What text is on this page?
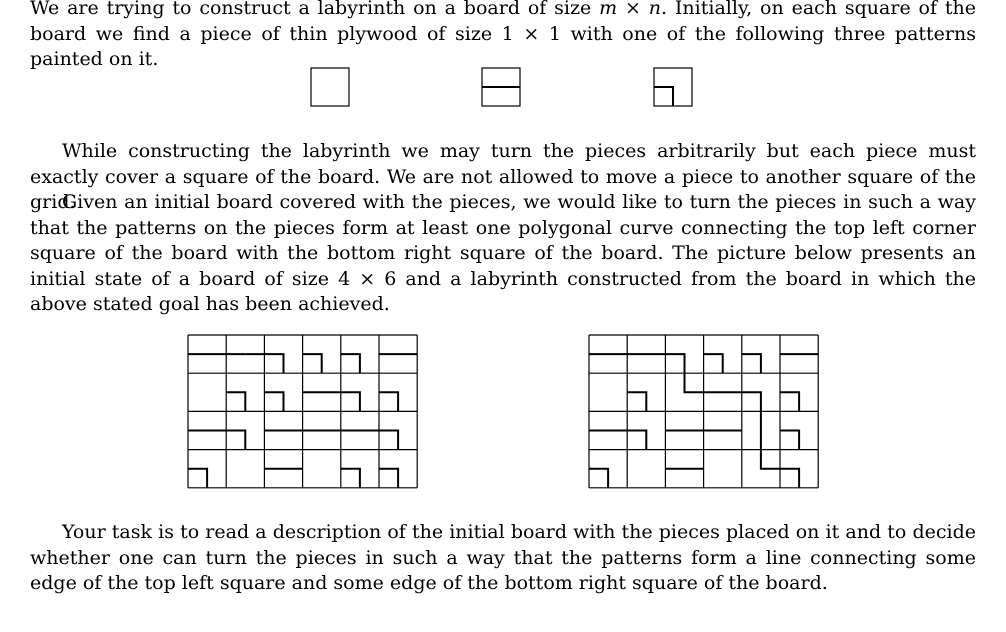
We are trying to construct a labyrinth on a board of size m × n. Initially, on each square of the board we find a piece of thin plywood of size 1 × 1 with one of the following three patterns painted on it.

While constructing the labyrinth we may turn the pieces arbitrarily but each piece must exactly cover a square of the board. We are not allowed to move a piece to another square of the grid.

Given an initial board covered with the pieces, we would like to turn the pieces in such a way that the patterns on the pieces form at least one polygonal curve connecting the top left corner square of the board with the bottom right square of the board. The picture below presents an initial state of a board of size 4 × 6 and a labyrinth constructed from the board in which the above stated goal has been achieved.

Your task is to read a description of the initial board with the pieces placed on it and to decide whether one can turn the pieces in such a way that the patterns form a line connecting some edge of the top left square and some edge of the bottom right square of the board.
